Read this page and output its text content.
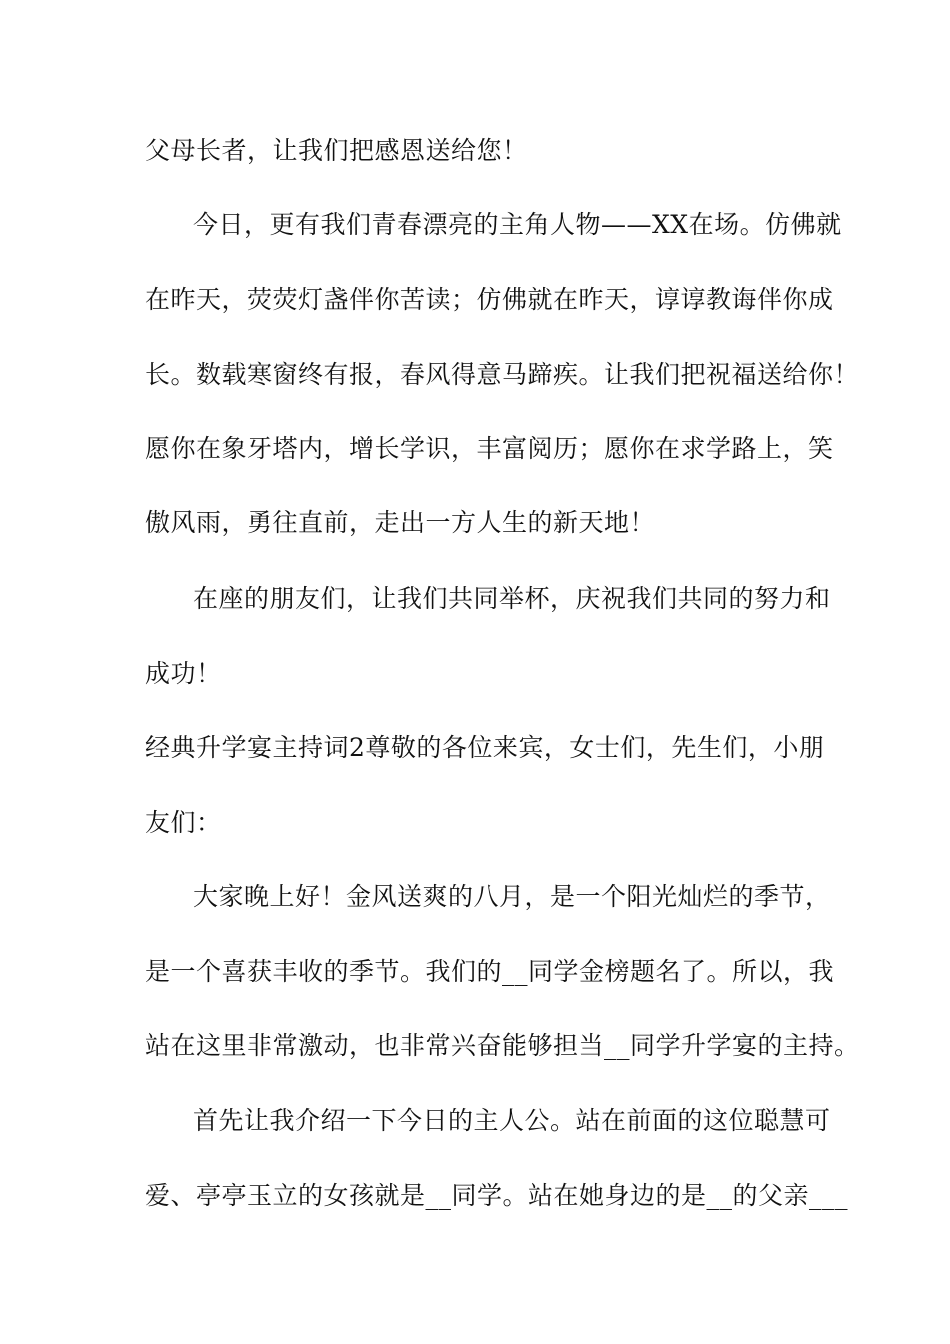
父母长者，让我们把感恩送给您！
今日，更有我们青春漂亮的主角人物——XX在场。仿佛就
在昨天，荧荧灯盏伴你苦读；仿佛就在昨天，谆谆教诲伴你成
长。数载寒窗终有报，春风得意马蹄疾。让我们把祝福送给你！
愿你在象牙塔内，增长学识，丰富阅历；愿你在求学路上，笑
傲风雨，勇往直前，走出一方人生的新天地！
在座的朋友们，让我们共同举杯，庆祝我们共同的努力和
成功！
经典升学宴主持词2尊敬的各位来宾，女士们，先生们，小朋
友们：
大家晚上好！金风送爽的八月，是一个阳光灿烂的季节，
是一个喜获丰收的季节。我们的__同学金榜题名了。所以，我
站在这里非常激动，也非常兴奋能够担当__同学升学宴的主持。
首先让我介绍一下今日的主人公。站在前面的这位聪慧可
爱、亭亭玉立的女孩就是__同学。站在她身边的是__的父亲___
